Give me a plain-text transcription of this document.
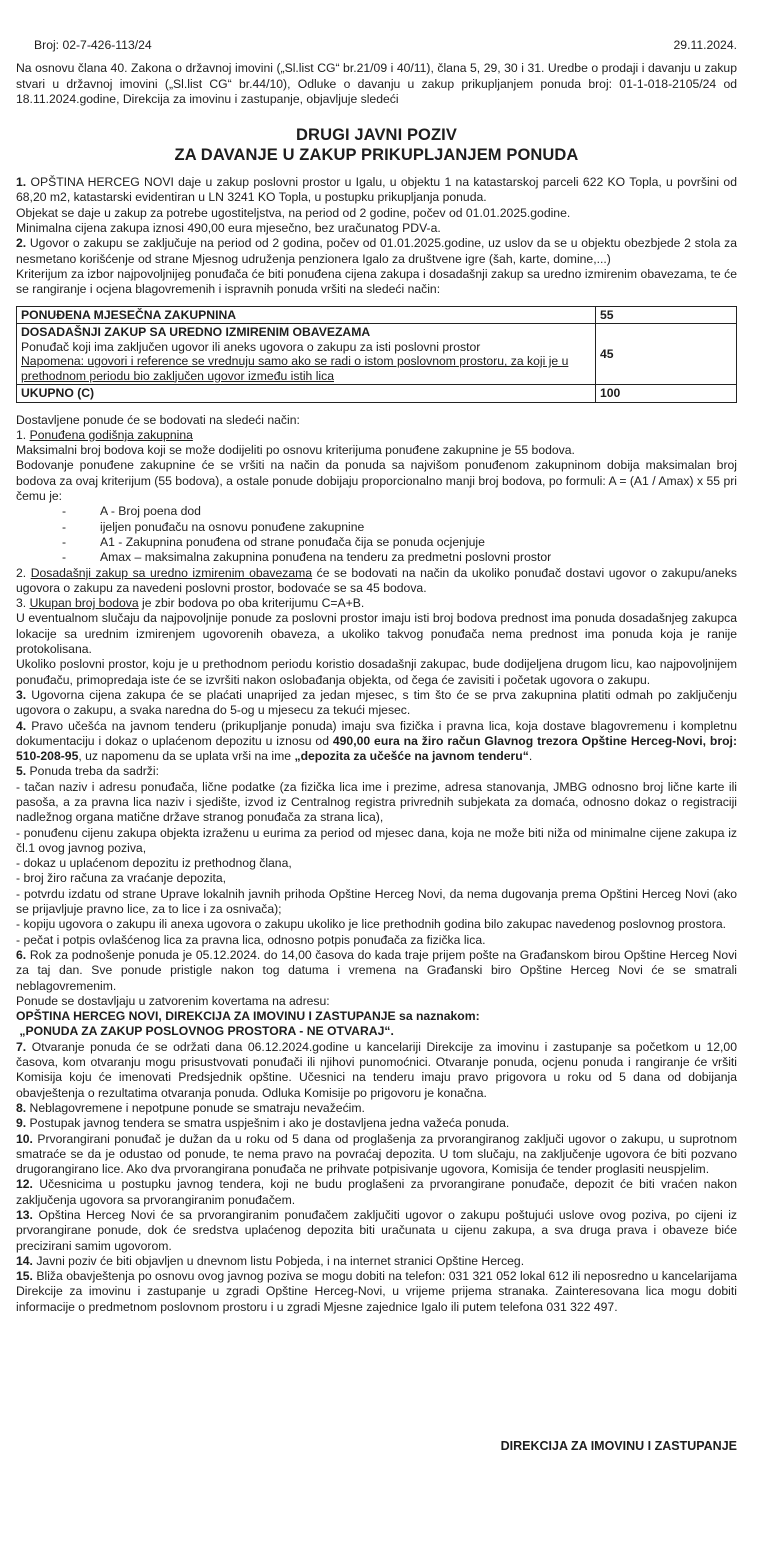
Broj: 02-7-426-113/24	29.11.2024.

Na osnovu člana 40. Zakona o državnoj imovini („Sl.list CG“ br.21/09 i 40/11), člana 5, 29, 30 i 31. Uredbe o prodaji i davanju u zakup stvari u državnoj imovini („Sl.list CG“ br.44/10), Odluke o davanju u zakup prikupljanjem ponuda broj: 01-1-018-2105/24 od 18.11.2024.godine, Direkcija za imovinu i zastupanje, objavljuje sledeći

DRUGI JAVNI POZIV
ZA DAVANJE U ZAKUP PRIKUPLJANJEM PONUDA

1. OPŠTINA HERCEG NOVI daje u zakup poslovni prostor u Igalu, u objektu 1 na katastarskoj parceli 622 KO Topla, u površini od 68,20 m2, katastarski evidentiran u LN 3241 KO Topla, u postupku prikupljanja ponuda.

Objekat se daje u zakup za potrebe ugostiteljstva, na period od 2 godine, počev od 01.01.2025.godine.

Minimalna cijena zakupa iznosi 490,00 eura mjesečno, bez uračunatog PDV-a.

2. Ugovor o zakupu se zaključuje na period od 2 godina, počev od 01.01.2025.godine, uz uslov da se u objektu obezbjede 2 stola za nesmetano korišćenje od strane Mjesnog udruženja penzionera Igalo za društvene igre (šah, karte, domine,...)

Kriterijum za izbor najpovoljnijeg ponuđača će biti ponuđena cijena zakupa i dosadašnji zakup sa uredno izmirenim obavezama, te će se rangiranje i ocjena blagovremenih i ispravnih ponuda vršiti na sledeći način:

PONUĐENA MJESEČNA ZAKUPNINA	55

DOSADAŠNJI ZAKUP SA UREDNO IZMIRENIM OBAVEZAMA
Ponuđač koji ima zaključen ugovor ili aneks ugovora o zakupu za isti poslovni prostor
Napomena: ugovori i reference se vrednuju samo ako se radi o istom poslovnom prostoru, za koji je u prethodnom periodu bio zaključen ugovor između istih lica	45
UKUPNO (C)	100

Dostavljene ponude će se bodovati na sledeći način:

1. Ponuđena godišnja zakupnina

Maksimalni broj bodova koji se može dodijeliti po osnovu kriterijuma ponuđene zakupnine je 55 bodova.

Bodovanje ponuđene zakupnine će se vršiti na način da ponuda sa najvišom ponuđenom zakupninom dobija maksimalan broj bodova za ovaj kriterijum (55 bodova), a ostale ponude dobijaju proporcionalno manji broj bodova, po formuli: A = (A1 / Amax) x 55 pri čemu je:

-	A - Broj poena dod
-	ijeljen ponuđaču na osnovu ponuđene zakupnine
-	A1 - Zakupnina ponuđena od strane ponuđača čija se ponuda ocjenjuje
-	Amax – maksimalna zakupnina ponuđena na tenderu za predmetni poslovni prostor

2. Dosadašnji zakup sa uredno izmirenim obavezama će se bodovati na način da ukoliko ponuđač dostavi ugovor o zakupu/aneks ugovora o zakupu za navedeni poslovni prostor, bodovaće se sa 45 bodova.

3. Ukupan broj bodova je zbir bodova po oba kriterijumu C=A+B.

U eventualnom slučaju da najpovoljnije ponude za poslovni prostor imaju isti broj bodova prednost ima ponuda dosadašnjeg zakupca lokacije sa urednim izmirenjem ugovorenih obaveza, a ukoliko takvog ponuđača nema prednost ima ponuda koja je ranije protokolisana.

Ukoliko poslovni prostor, koju je u prethodnom periodu koristio dosadašnji zakupac, bude dodijeljena drugom licu, kao najpovoljnijem ponuđaču, primopredaja iste će se izvršiti nakon oslobađanja objekta, od čega će zavisiti i početak ugovora o zakupu.

3. Ugovorna cijena zakupa će se plaćati unaprijed za jedan mjesec, s tim što će se prva zakupnina platiti odmah po zaključenju ugovora o zakupu, a svaka naredna do 5-og u mjesecu za tekući mjesec.

4. Pravo učešća na javnom tenderu (prikupljanje ponuda) imaju sva fizička i pravna lica, koja dostave blagovremenu i kompletnu dokumentaciju i dokaz o uplaćenom depozitu u iznosu od 490,00 eura na žiro račun Glavnog trezora Opštine Herceg-Novi, broj: 510-208-95, uz napomenu da se uplata vrši na ime „depozita za učešće na javnom tenderu“.

5. Ponuda treba da sadrži:

- tačan naziv i adresu ponuđača, lične podatke (za fizička lica ime i prezime, adresa stanovanja, JMBG odnosno broj lične karte ili pasoša, a za pravna lica naziv i sjedište, izvod iz Centralnog registra privrednih subjekata za domaća, odnosno dokaz o registraciji nadležnog organa matične države stranog ponuđača za strana lica),

- ponuđenu cijenu zakupa objekta izraženu u eurima za period od mjesec dana, koja ne može biti niža od minimalne cijene zakupa iz čl.1 ovog javnog poziva,

- dokaz u uplaćenom depozitu iz prethodnog člana,

- broj žiro računa za vraćanje depozita,

- potvrdu izdatu od strane Uprave lokalnih javnih prihoda Opštine Herceg Novi, da nema dugovanja prema Opštini Herceg Novi (ako se prijavljuje pravno lice, za to lice i za osnivača);

- kopiju ugovora o zakupu ili anexa ugovora o zakupu ukoliko je lice prethodnih godina bilo zakupac navedenog poslovnog prostora.

- pečat i potpis ovlašćenog lica za pravna lica, odnosno potpis ponuđača za fizička lica.

6. Rok za podnošenje ponuda je 05.12.2024. do 14,00 časova do kada traje prijem pošte na Građanskom birou Opštine Herceg Novi za taj dan. Sve ponude pristigle nakon tog datuma i vremena na Građanski biro Opštine Herceg Novi će se smatrali neblagovremenim.

Ponude se dostavljaju u zatvorenim kovertama na adresu:

OPŠTINA HERCEG NOVI, DIREKCIJA ZA IMOVINU I ZASTUPANJE sa naznakom:

„PONUDA ZA ZAKUP POSLOVNOG PROSTORA - NE OTVARAJ“.

7. Otvaranje ponuda će se održati dana 06.12.2024.godine u kancelariji Direkcije za imovinu i zastupanje sa početkom u 12,00 časova, kom otvaranju mogu prisustvovati ponuđači ili njihovi punomoćnici. Otvaranje ponuda, ocjenu ponuda i rangiranje će vršiti Komisija koju će imenovati Predsjednik opštine. Učesnici na tenderu imaju pravo prigovora u roku od 5 dana od dobijanja obavještenja o rezultatima otvaranja ponuda. Odluka Komisije po prigovoru je konačna.

8. Neblagovremene i nepotpune ponude se smatraju nevažećim.

9. Postupak javnog tendera se smatra uspješnim i ako je dostavljena jedna važeća ponuda.

10. Prvorangirani ponuđač je dužan da u roku od 5 dana od proglašenja za prvorangiranog zaključi ugovor o zakupu, u suprotnom smatraće se da je odustao od ponude, te nema pravo na povraćaj depozita. U tom slučaju, na zaključenje ugovora će biti pozvano drugorangirano lice. Ako dva prvorangirana ponuđača ne prihvate potpisivanje ugovora, Komisija će tender proglasiti neuspjelim.

12. Učesnicima u postupku javnog tendera, koji ne budu proglašeni za prvorangirane ponuđače, depozit će biti vraćen nakon zaključenja ugovora sa prvorangiranim ponuđačem.

13. Opština Herceg Novi će sa prvorangiranim ponuđačem zaključiti ugovor o zakupu poštujući uslove ovog poziva, po cijeni iz prvorangirane ponude, dok će sredstva uplaćenog depozita biti uračunata u cijenu zakupa, a sva druga prava i obaveze biće precizirani samim ugovorom.

14. Javni poziv će biti objavljen u dnevnom listu Pobjeda, i na internet stranici Opštine Herceg.

15. Bliža obavještenja po osnovu ovog javnog poziva se mogu dobiti na telefon: 031 321 052 lokal 612 ili neposredno u kancelarijama Direkcije za imovinu i zastupanje u zgradi Opštine Herceg-Novi, u vrijeme prijema stranaka. Zainteresovana lica mogu dobiti informacije o predmetnom poslovnom prostoru i u zgradi Mjesne zajednice Igalo ili putem telefona 031 322 497.

DIREKCIJA ZA IMOVINU I ZASTUPANJE
